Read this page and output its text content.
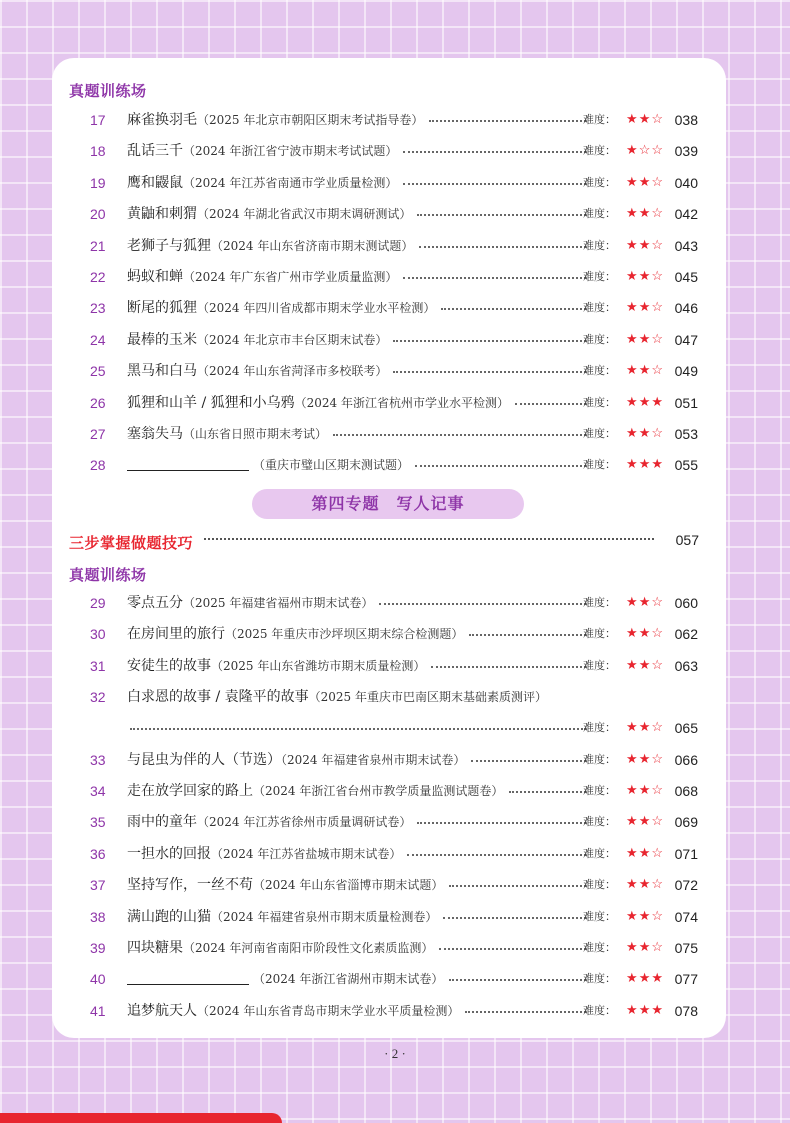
真题训练场
17	麻雀换羽毛（2025 年北京市朝阳区期末考试指导卷）	难度： ★★☆ 038
18	乱话三千（2024 年浙江省宁波市期末考试试题）	难度： ★☆☆ 039
19	鹰和鼹鼠（2024 年江苏省南通市学业质量检测）	难度： ★★☆ 040
20	黄鼬和刺猬（2024 年湖北省武汉市期末调研测试）	难度： ★★☆ 042
21	老狮子与狐狸（2024 年山东省济南市期末测试题）	难度： ★★☆ 043
22	蚂蚁和蝉（2024 年广东省广州市学业质量监测）	难度： ★★☆ 045
23	断尾的狐狸（2024 年四川省成都市期末学业水平检测）	难度： ★★☆ 046
24	最棒的玉米（2024 年北京市丰台区期末试卷）	难度： ★★☆ 047
25	黑马和白马（2024 年山东省菏泽市多校联考）	难度： ★★☆ 049
26	狐狸和山羊 / 狐狸和小乌鸦（2024 年浙江省杭州市学业水平检测）	难度： ★★★ 051
27	塞翁失马（山东省日照市期末考试）	难度： ★★☆ 053
28	（重庆市璧山区期末测试题）	难度： ★★★ 055
第四专题　写人记事
三步掌握做题技巧	057
真题训练场
29	零点五分（2025 年福建省福州市期末试卷）	难度： ★★☆ 060
30	在房间里的旅行（2025 年重庆市沙坪坝区期末综合检测题）	难度： ★★☆ 062
31	安徒生的故事（2025 年山东省潍坊市期末质量检测）	难度： ★★☆ 063
32	白求恩的故事 / 袁隆平的故事（2025 年重庆市巴南区期末基础素质测评）
难度： ★★☆ 065
33	与昆虫为伴的人（节选）（2024 年福建省泉州市期末试卷）	难度： ★★☆ 066
34	走在放学回家的路上（2024 年浙江省台州市教学质量监测试题卷）	难度： ★★☆ 068
35	雨中的童年（2024 年江苏省徐州市质量调研试卷）	难度： ★★☆ 069
36	一担水的回报（2024 年江苏省盐城市期末试卷）	难度： ★★☆ 071
37	坚持写作，一丝不苟（2024 年山东省淄博市期末试题）	难度： ★★☆ 072
38	满山跑的山猫（2024 年福建省泉州市期末质量检测卷）	难度： ★★☆ 074
39	四块糖果（2024 年河南省南阳市阶段性文化素质监测）	难度： ★★☆ 075
40	（2024 年浙江省湖州市期末试卷）	难度： ★★★ 077
41	追梦航天人（2024 年山东省青岛市期末学业水平质量检测）	难度： ★★★ 078
· 2 ·
